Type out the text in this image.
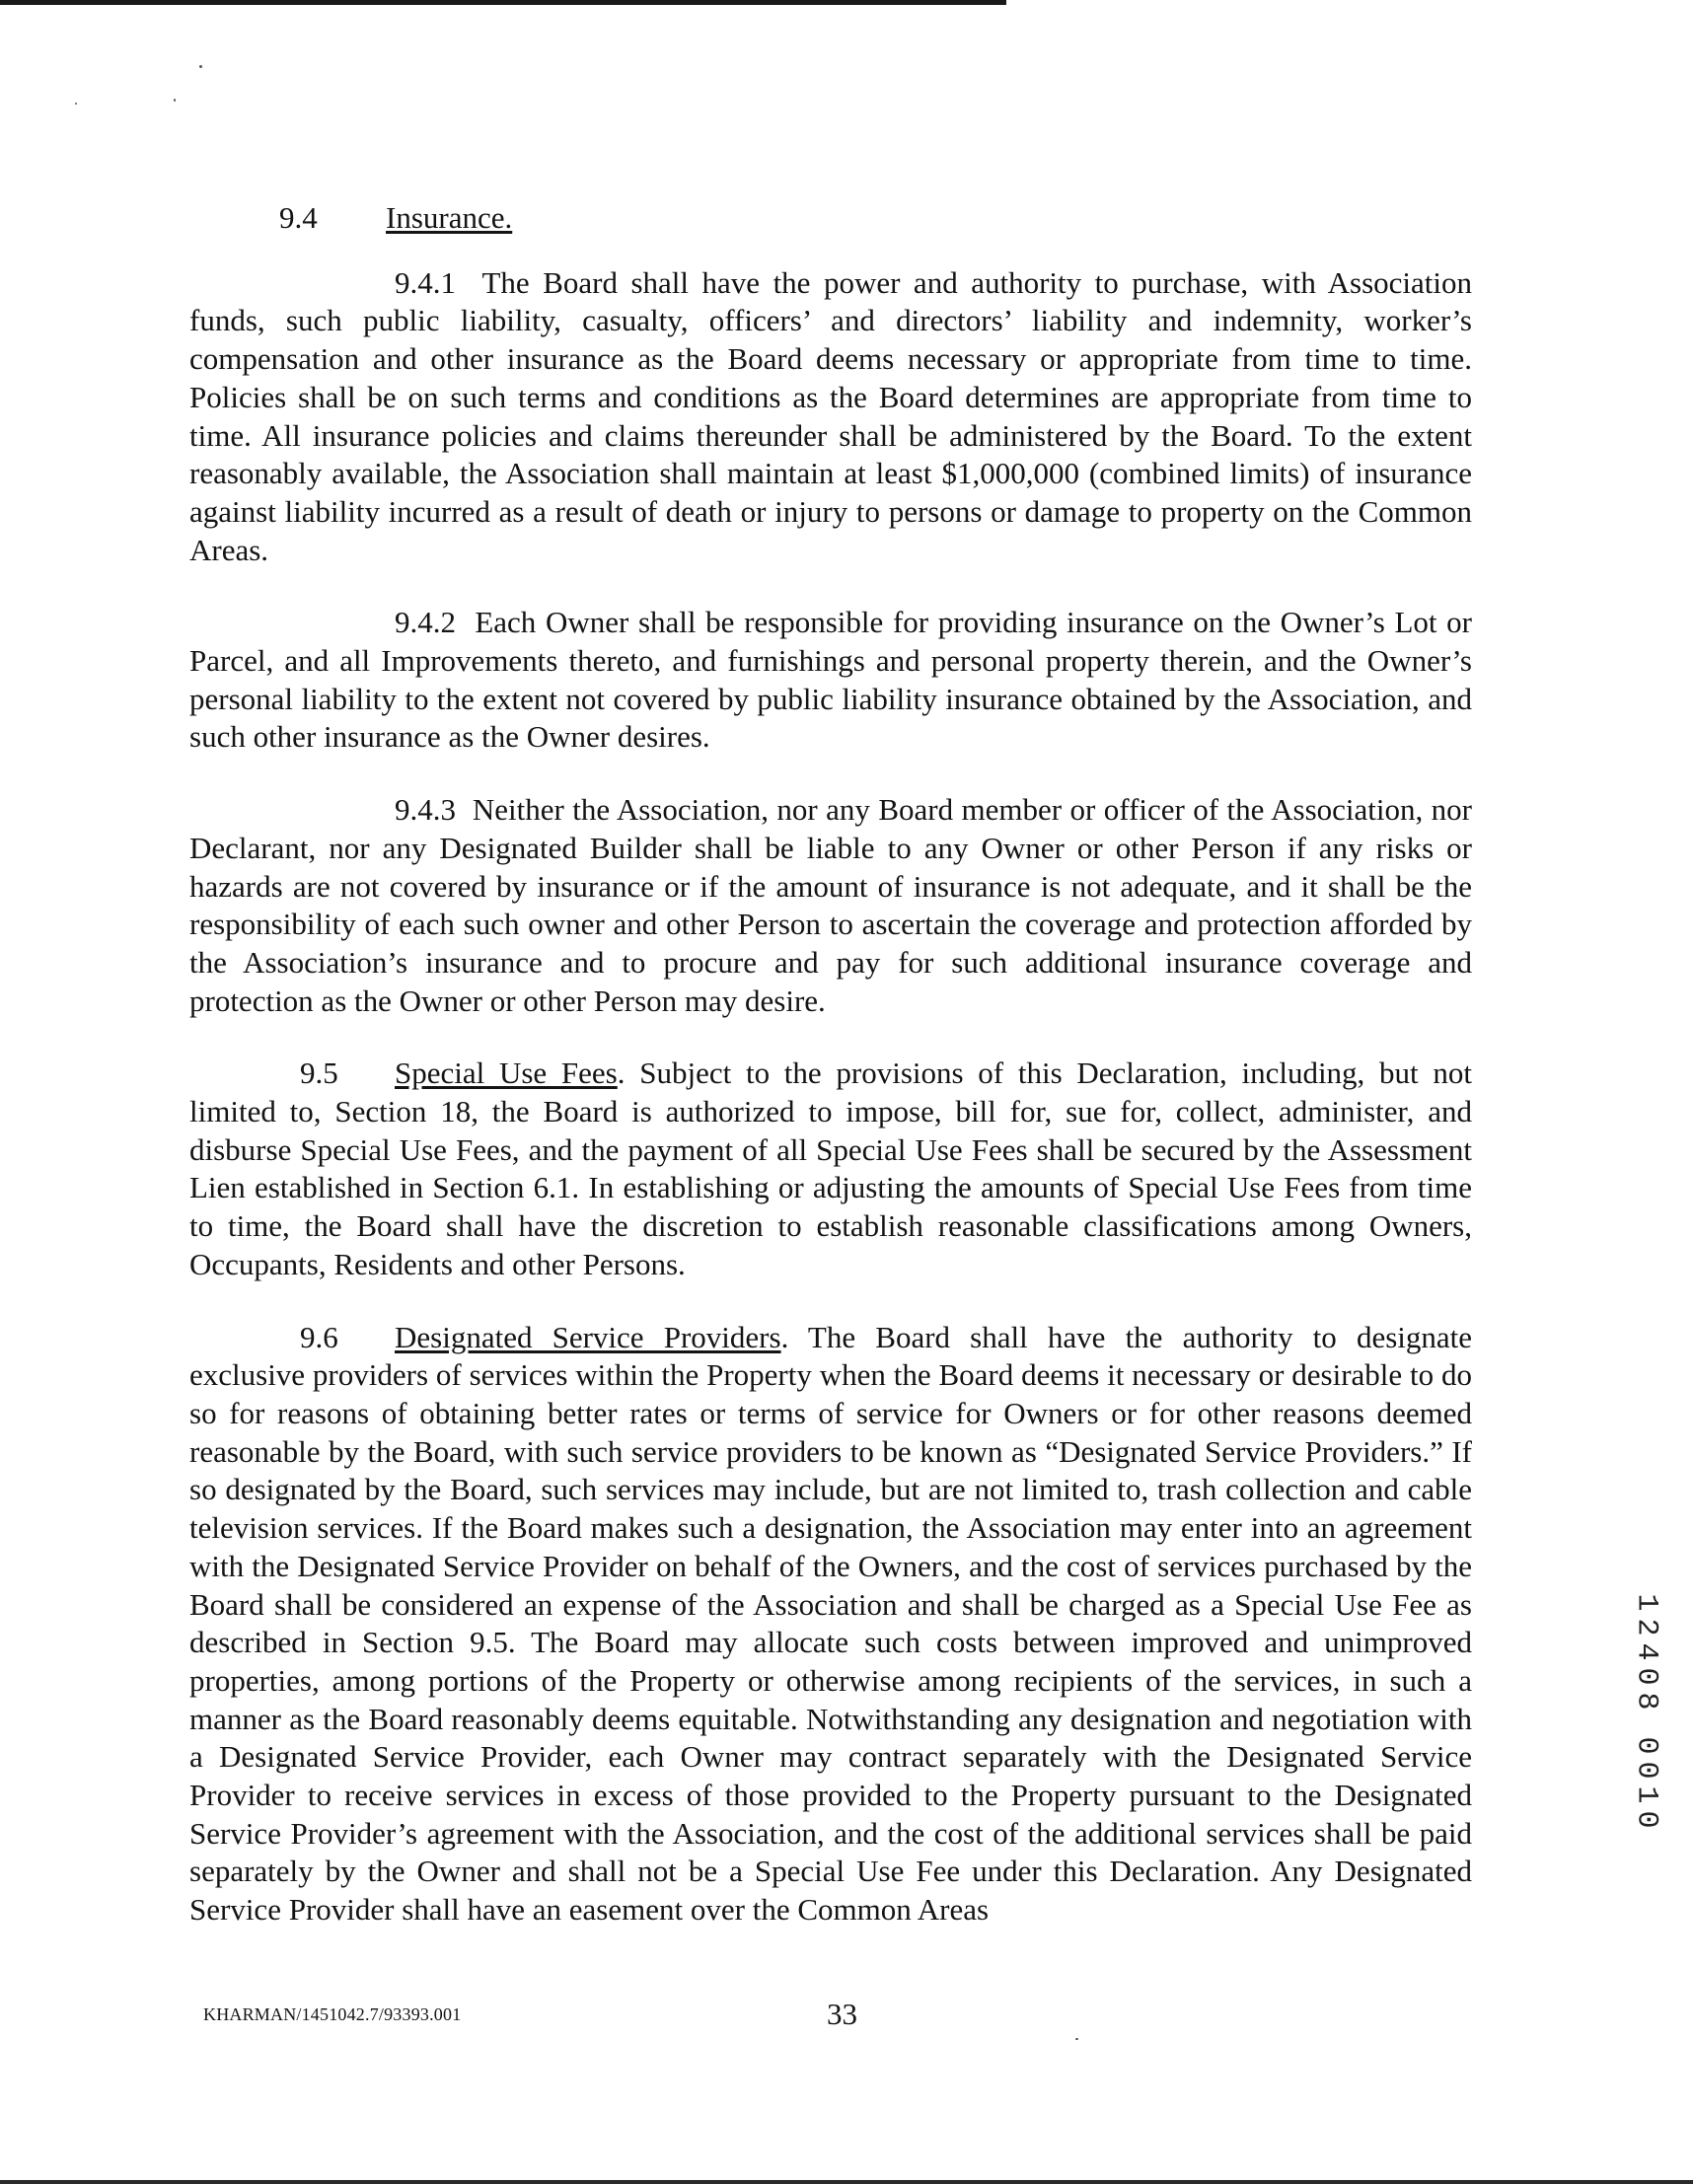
9.4 Insurance.

9.4.1 The Board shall have the power and authority to purchase, with Association funds, such public liability, casualty, officers’ and directors’ liability and indemnity, worker’s compensation and other insurance as the Board deems necessary or appropriate from time to time. Policies shall be on such terms and conditions as the Board determines are appropriate from time to time. All insurance policies and claims thereunder shall be administered by the Board. To the extent reasonably available, the Association shall maintain at least $1,000,000 (combined limits) of insurance against liability incurred as a result of death or injury to persons or damage to property on the Common Areas.

9.4.2 Each Owner shall be responsible for providing insurance on the Owner’s Lot or Parcel, and all Improvements thereto, and furnishings and personal property therein, and the Owner’s personal liability to the extent not covered by public liability insurance obtained by the Association, and such other insurance as the Owner desires.

9.4.3 Neither the Association, nor any Board member or officer of the Association, nor Declarant, nor any Designated Builder shall be liable to any Owner or other Person if any risks or hazards are not covered by insurance or if the amount of insurance is not adequate, and it shall be the responsibility of each such owner and other Person to ascertain the coverage and protection afforded by the Association’s insurance and to procure and pay for such additional insurance coverage and protection as the Owner or other Person may desire.

9.5 Special Use Fees. Subject to the provisions of this Declaration, including, but not limited to, Section 18, the Board is authorized to impose, bill for, sue for, collect, administer, and disburse Special Use Fees, and the payment of all Special Use Fees shall be secured by the Assessment Lien established in Section 6.1. In establishing or adjusting the amounts of Special Use Fees from time to time, the Board shall have the discretion to establish reasonable classifications among Owners, Occupants, Residents and other Persons.

9.6 Designated Service Providers. The Board shall have the authority to designate exclusive providers of services within the Property when the Board deems it necessary or desirable to do so for reasons of obtaining better rates or terms of service for Owners or for other reasons deemed reasonable by the Board, with such service providers to be known as “Designated Service Providers.” If so designated by the Board, such services may include, but are not limited to, trash collection and cable television services. If the Board makes such a designation, the Association may enter into an agreement with the Designated Service Provider on behalf of the Owners, and the cost of services purchased by the Board shall be considered an expense of the Association and shall be charged as a Special Use Fee as described in Section 9.5. The Board may allocate such costs between improved and unimproved properties, among portions of the Property or otherwise among recipients of the services, in such a manner as the Board reasonably deems equitable. Notwithstanding any designation and negotiation with a Designated Service Provider, each Owner may contract separately with the Designated Service Provider to receive services in excess of those provided to the Property pursuant to the Designated Service Provider’s agreement with the Association, and the cost of the additional services shall be paid separately by the Owner and shall not be a Special Use Fee under this Declaration. Any Designated Service Provider shall have an easement over the Common Areas

KHARMAN/1451042.7/93393.001	33
1
2
4
0
8
0
0
1
0
